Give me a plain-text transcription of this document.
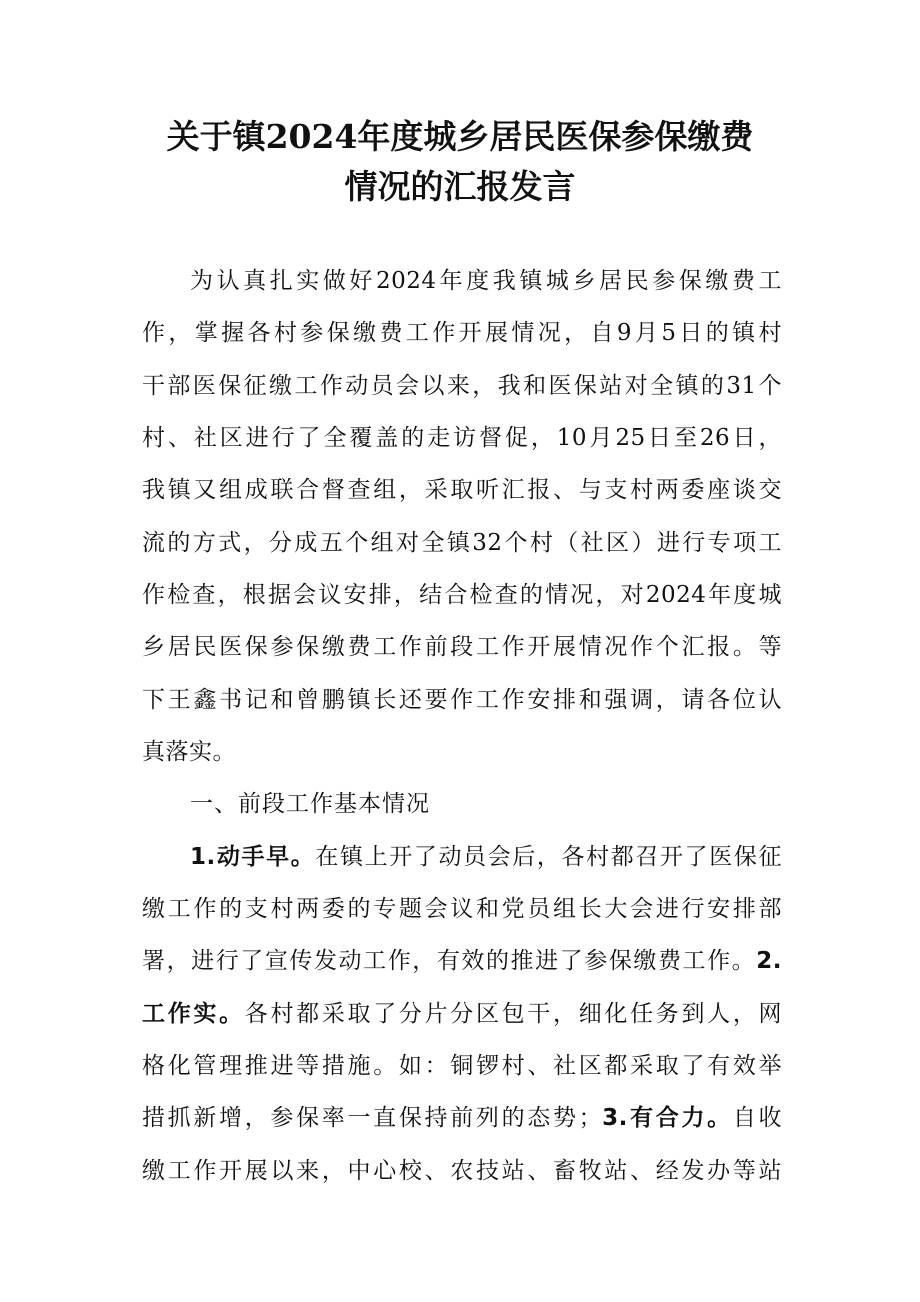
关于镇2024年度城乡居民医保参保缴费
情况的汇报发言
为认真扎实做好2024年度我镇城乡居民参保缴费工
作，掌握各村参保缴费工作开展情况，自9月5日的镇村
干部医保征缴工作动员会以来，我和医保站对全镇的31个
村、社区进行了全覆盖的走访督促，10月25日至26日，
我镇又组成联合督查组，采取听汇报、与支村两委座谈交
流的方式，分成五个组对全镇32个村（社区）进行专项工
作检查，根据会议安排，结合检查的情况，对2024年度城
乡居民医保参保缴费工作前段工作开展情况作个汇报。等
下王鑫书记和曾鹏镇长还要作工作安排和强调，请各位认
真落实。
一、前段工作基本情况
1.动手早。在镇上开了动员会后，各村都召开了医保征
缴工作的支村两委的专题会议和党员组长大会进行安排部
署，进行了宣传发动工作，有效的推进了参保缴费工作。2.
工作实。各村都采取了分片分区包干，细化任务到人，网
格化管理推进等措施。如：铜锣村、社区都采取了有效举
措抓新增，参保率一直保持前列的态势；3.有合力。自收
缴工作开展以来，中心校、农技站、畜牧站、经发办等站
